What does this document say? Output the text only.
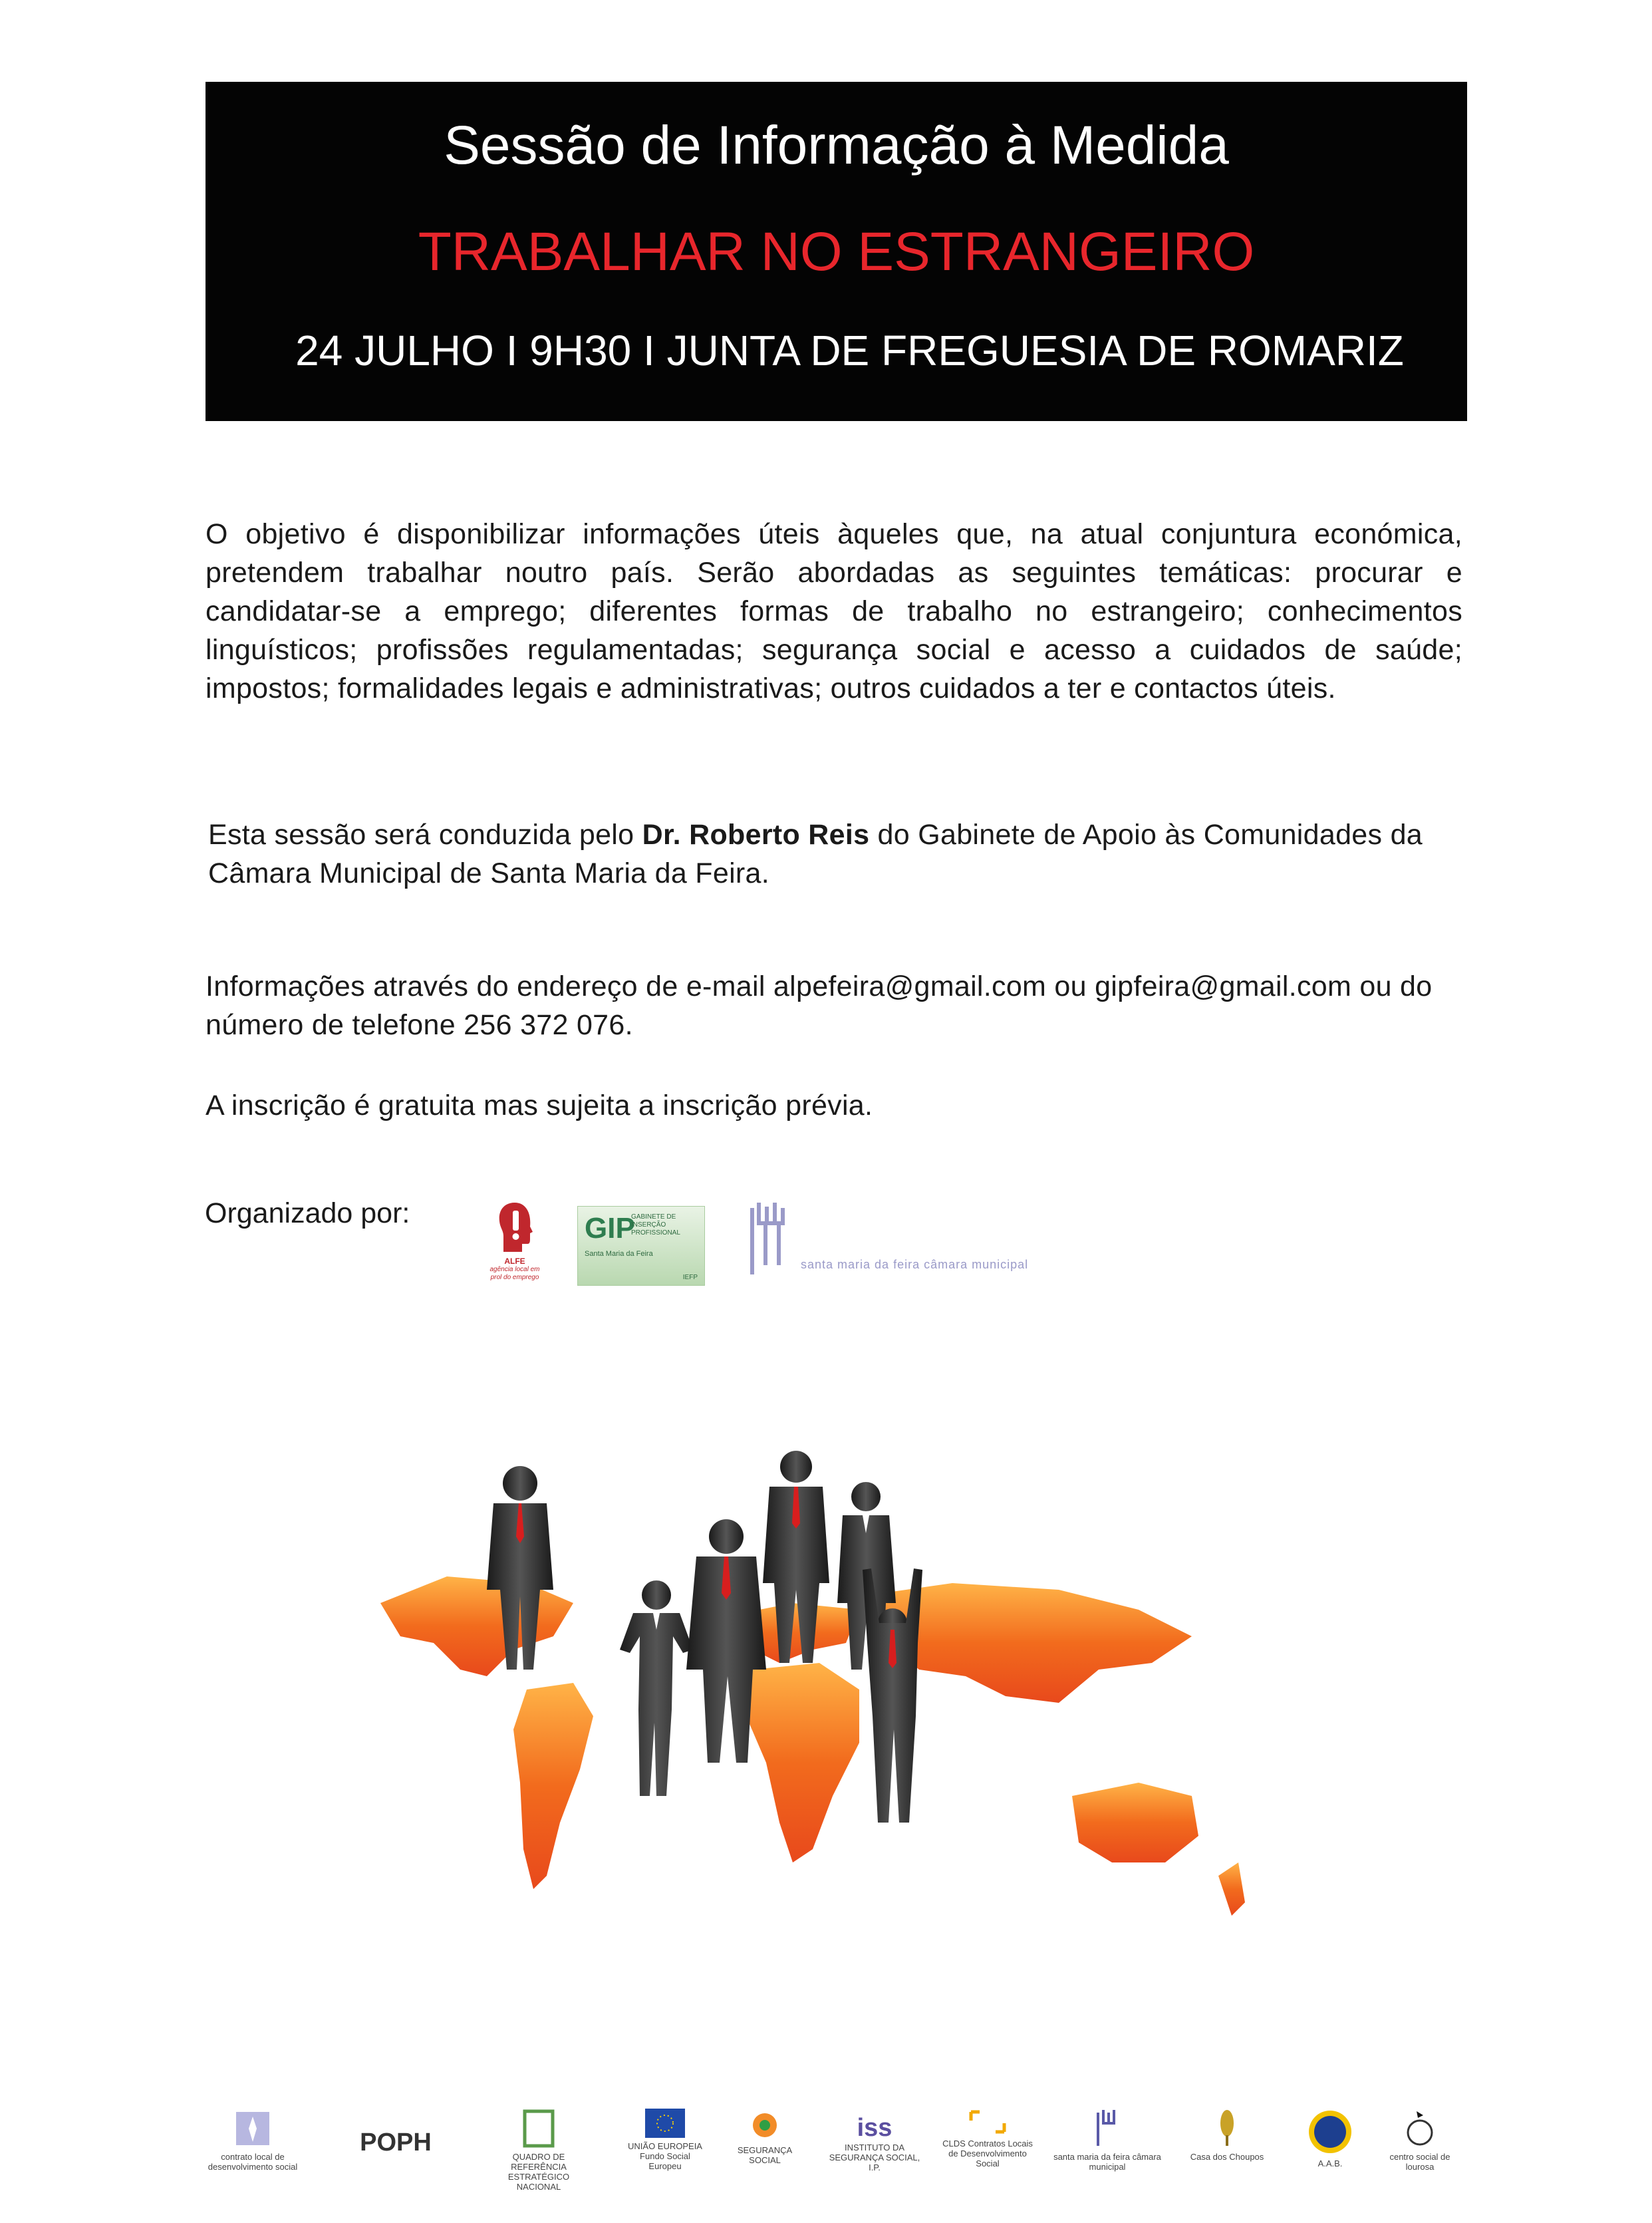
Sessão de Informação à Medida
TRABALHAR NO ESTRANGEIRO
24 JULHO I 9H30 I JUNTA DE FREGUESIA DE ROMARIZ
O objetivo é disponibilizar informações úteis àqueles que, na atual conjuntura económica, pretendem trabalhar noutro país. Serão abordadas as seguintes temáticas: procurar e candidatar-se a emprego; diferentes formas de trabalho no estrangeiro; conhecimentos linguísticos; profissões regulamentadas; segurança social e acesso a cuidados de saúde; impostos; formalidades legais e administrativas; outros cuidados a ter e contactos úteis.
Esta sessão será conduzida pelo Dr. Roberto Reis do Gabinete de Apoio às Comunidades da Câmara Municipal de Santa Maria da Feira.
Informações através do endereço de e-mail alpefeira@gmail.com ou gipfeira@gmail.com ou do número de telefone 256 372 076.
A inscrição é gratuita mas sujeita a inscrição prévia.
Organizado por:
ALFE
agência local em prol do emprego
GIP
GABINETE DE INSERÇÃO PROFISSIONAL
Santa Maria da Feira
IEFP
santa maria da feira câmara municipal
contrato local de desenvolvimento social
POPH
QUADRO DE REFERÊNCIA ESTRATÉGICO NACIONAL
UNIÃO EUROPEIA Fundo Social Europeu
SEGURANÇA SOCIAL
iss
INSTITUTO DA SEGURANÇA SOCIAL, I.P.
CLDS Contratos Locais de Desenvolvimento Social
santa maria da feira câmara municipal
Casa dos Choupos
A.A.B.
centro social de lourosa
